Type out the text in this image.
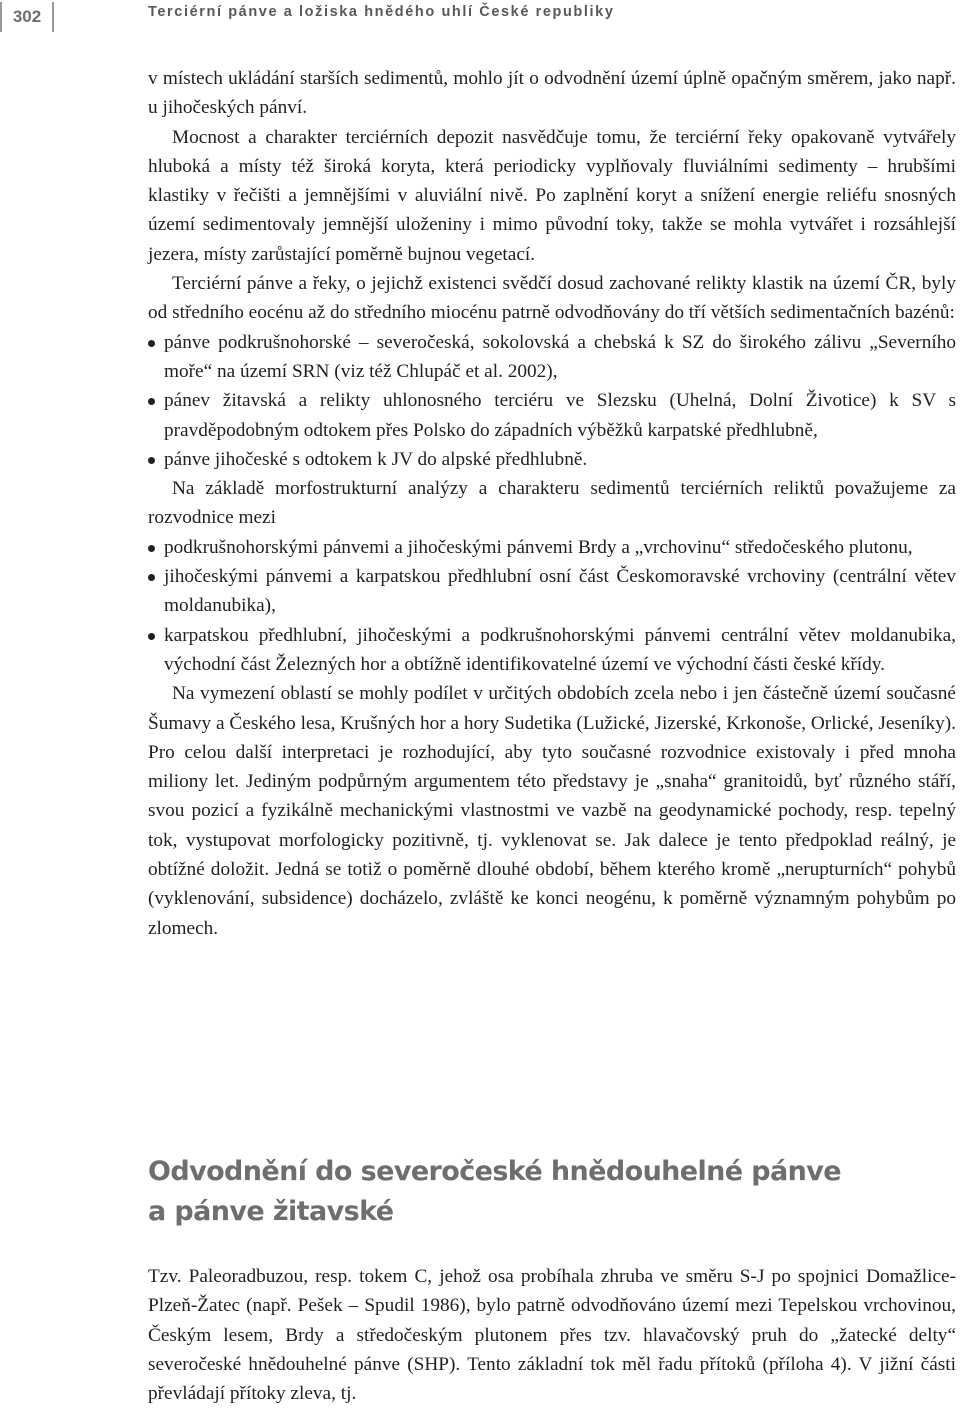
302	Terciérní pánve a ložiska hnědého uhlí České republiky

v místech ukládání starších sedimentů, mohlo jít o odvodnění území úplně opačným směrem, jako např. u jihočeských pánví.

Mocnost a charakter terciérních depozit nasvědčuje tomu, že terciérní řeky opakovaně vytvářely hluboká a místy též široká koryta, která periodicky vyplňovaly fluviálními sedimenty – hrubšími klastiky v řečišti a jemnějšími v aluviální nivě. Po zaplnění koryt a snížení energie reliéfu snosných území sedimentovaly jemnější uloženiny i mimo původní toky, takže se mohla vytvářet i rozsáhlejší jezera, místy zarůstající poměrně bujnou vegetací.

Terciérní pánve a řeky, o jejichž existenci svědčí dosud zachované relikty klastik na území ČR, byly od středního eocénu až do středního miocénu patrně odvodňovány do tří větších sedimentačních bazénů:

pánve podkrušnohorské – severočeská, sokolovská a chebská k SZ do širokého zálivu „Severního moře“ na území SRN (viz též Chlupáč et al. 2002),
pánev žitavská a relikty uhlonosného terciéru ve Slezsku (Uhelná, Dolní Životice) k SV s pravděpodobným odtokem přes Polsko do západních výběžků karpatské předhlubně,
pánve jihočeské s odtokem k JV do alpské předhlubně.

Na základě morfostrukturní analýzy a charakteru sedimentů terciérních reliktů považujeme za rozvodnice mezi

podkrušnohorskými pánvemi a jihočeskými pánvemi Brdy a „vrchovinu“ středočeského plutonu,
jihočeskými pánvemi a karpatskou předhlubní osní část Českomoravské vrchoviny (centrální větev moldanubika),
karpatskou předhlubní, jihočeskými a podkrušnohorskými pánvemi centrální větev moldanubika, východní část Železných hor a obtížně identifikovatelné území ve východní části české křídy.

Na vymezení oblastí se mohly podílet v určitých obdobích zcela nebo i jen částečně území současné Šumavy a Českého lesa, Krušných hor a hory Sudetika (Lužické, Jizerské, Krkonoše, Orlické, Jeseníky). Pro celou další interpretaci je rozhodující, aby tyto současné rozvodnice existovaly i před mnoha miliony let. Jediným podpůrným argumentem této představy je „snaha“ granitoidů, byť různého stáří, svou pozicí a fyzikálně mechanickými vlastnostmi ve vazbě na geodynamické pochody, resp. tepelný tok, vystupovat morfologicky pozitivně, tj. vyklenovat se. Jak dalece je tento předpoklad reálný, je obtížné doložit. Jedná se totiž o poměrně dlouhé období, během kterého kromě „nerupturních“ pohybů (vyklenování, subsidence) docházelo, zvláště ke konci neogénu, k poměrně významným pohybům po zlomech.

Odvodnění do severočeské hnědouhelné pánve
a pánve žitavské

Tzv. Paleoradbuzou, resp. tokem C, jehož osa probíhala zhruba ve směru S-J po spojnici Domažlice-Plzeň-Žatec (např. Pešek – Spudil 1986), bylo patrně odvodňováno území mezi Tepelskou vrchovinou, Českým lesem, Brdy a středočeským plutonem přes tzv. hlavačovský pruh do „žatecké delty“ severočeské hnědouhelné pánve (SHP). Tento základní tok měl řadu přítoků (příloha 4). V jižní části převládají přítoky zleva, tj.
